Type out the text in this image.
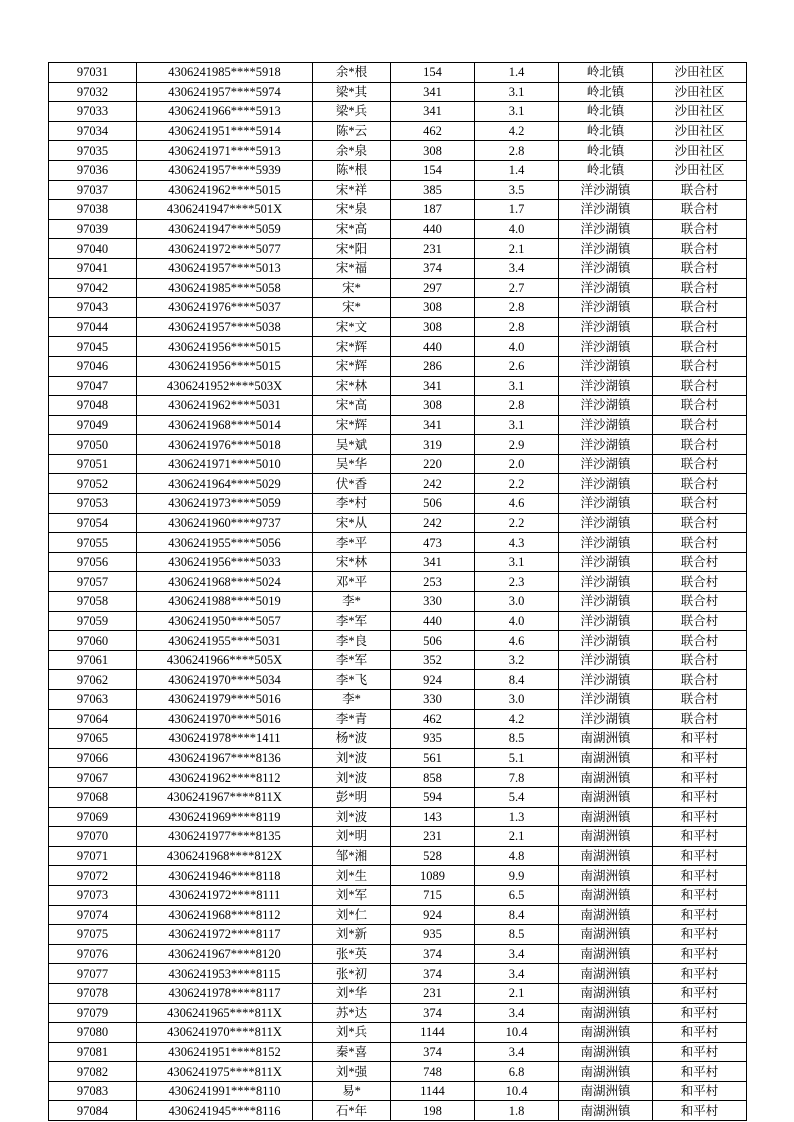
97031	4306241985****5918	余*根	154	1.4	岭北镇	沙田社区
97032	4306241957****5974	梁*其	341	3.1	岭北镇	沙田社区
97033	4306241966****5913	梁*兵	341	3.1	岭北镇	沙田社区
97034	4306241951****5914	陈*云	462	4.2	岭北镇	沙田社区
97035	4306241971****5913	余*泉	308	2.8	岭北镇	沙田社区
97036	4306241957****5939	陈*根	154	1.4	岭北镇	沙田社区
97037	4306241962****5015	宋*祥	385	3.5	洋沙湖镇	联合村
97038	4306241947****501X	宋*泉	187	1.7	洋沙湖镇	联合村
97039	4306241947****5059	宋*高	440	4.0	洋沙湖镇	联合村
97040	4306241972****5077	宋*阳	231	2.1	洋沙湖镇	联合村
97041	4306241957****5013	宋*福	374	3.4	洋沙湖镇	联合村
97042	4306241985****5058	宋*	297	2.7	洋沙湖镇	联合村
97043	4306241976****5037	宋*	308	2.8	洋沙湖镇	联合村
97044	4306241957****5038	宋*文	308	2.8	洋沙湖镇	联合村
97045	4306241956****5015	宋*辉	440	4.0	洋沙湖镇	联合村
97046	4306241956****5015	宋*辉	286	2.6	洋沙湖镇	联合村
97047	4306241952****503X	宋*林	341	3.1	洋沙湖镇	联合村
97048	4306241962****5031	宋*高	308	2.8	洋沙湖镇	联合村
97049	4306241968****5014	宋*辉	341	3.1	洋沙湖镇	联合村
97050	4306241976****5018	吴*斌	319	2.9	洋沙湖镇	联合村
97051	4306241971****5010	吴*华	220	2.0	洋沙湖镇	联合村
97052	4306241964****5029	伏*香	242	2.2	洋沙湖镇	联合村
97053	4306241973****5059	李*村	506	4.6	洋沙湖镇	联合村
97054	4306241960****9737	宋*从	242	2.2	洋沙湖镇	联合村
97055	4306241955****5056	李*平	473	4.3	洋沙湖镇	联合村
97056	4306241956****5033	宋*林	341	3.1	洋沙湖镇	联合村
97057	4306241968****5024	邓*平	253	2.3	洋沙湖镇	联合村
97058	4306241988****5019	李*	330	3.0	洋沙湖镇	联合村
97059	4306241950****5057	李*军	440	4.0	洋沙湖镇	联合村
97060	4306241955****5031	李*良	506	4.6	洋沙湖镇	联合村
97061	4306241966****505X	李*军	352	3.2	洋沙湖镇	联合村
97062	4306241970****5034	李*飞	924	8.4	洋沙湖镇	联合村
97063	4306241979****5016	李*	330	3.0	洋沙湖镇	联合村
97064	4306241970****5016	李*青	462	4.2	洋沙湖镇	联合村
97065	4306241978****1411	杨*波	935	8.5	南湖洲镇	和平村
97066	4306241967****8136	刘*波	561	5.1	南湖洲镇	和平村
97067	4306241962****8112	刘*波	858	7.8	南湖洲镇	和平村
97068	4306241967****811X	彭*明	594	5.4	南湖洲镇	和平村
97069	4306241969****8119	刘*波	143	1.3	南湖洲镇	和平村
97070	4306241977****8135	刘*明	231	2.1	南湖洲镇	和平村
97071	4306241968****812X	邹*湘	528	4.8	南湖洲镇	和平村
97072	4306241946****8118	刘*生	1089	9.9	南湖洲镇	和平村
97073	4306241972****8111	刘*军	715	6.5	南湖洲镇	和平村
97074	4306241968****8112	刘*仁	924	8.4	南湖洲镇	和平村
97075	4306241972****8117	刘*新	935	8.5	南湖洲镇	和平村
97076	4306241967****8120	张*英	374	3.4	南湖洲镇	和平村
97077	4306241953****8115	张*初	374	3.4	南湖洲镇	和平村
97078	4306241978****8117	刘*华	231	2.1	南湖洲镇	和平村
97079	4306241965****811X	苏*达	374	3.4	南湖洲镇	和平村
97080	4306241970****811X	刘*兵	1144	10.4	南湖洲镇	和平村
97081	4306241951****8152	秦*喜	374	3.4	南湖洲镇	和平村
97082	4306241975****811X	刘*强	748	6.8	南湖洲镇	和平村
97083	4306241991****8110	易*	1144	10.4	南湖洲镇	和平村
97084	4306241945****8116	石*年	198	1.8	南湖洲镇	和平村
